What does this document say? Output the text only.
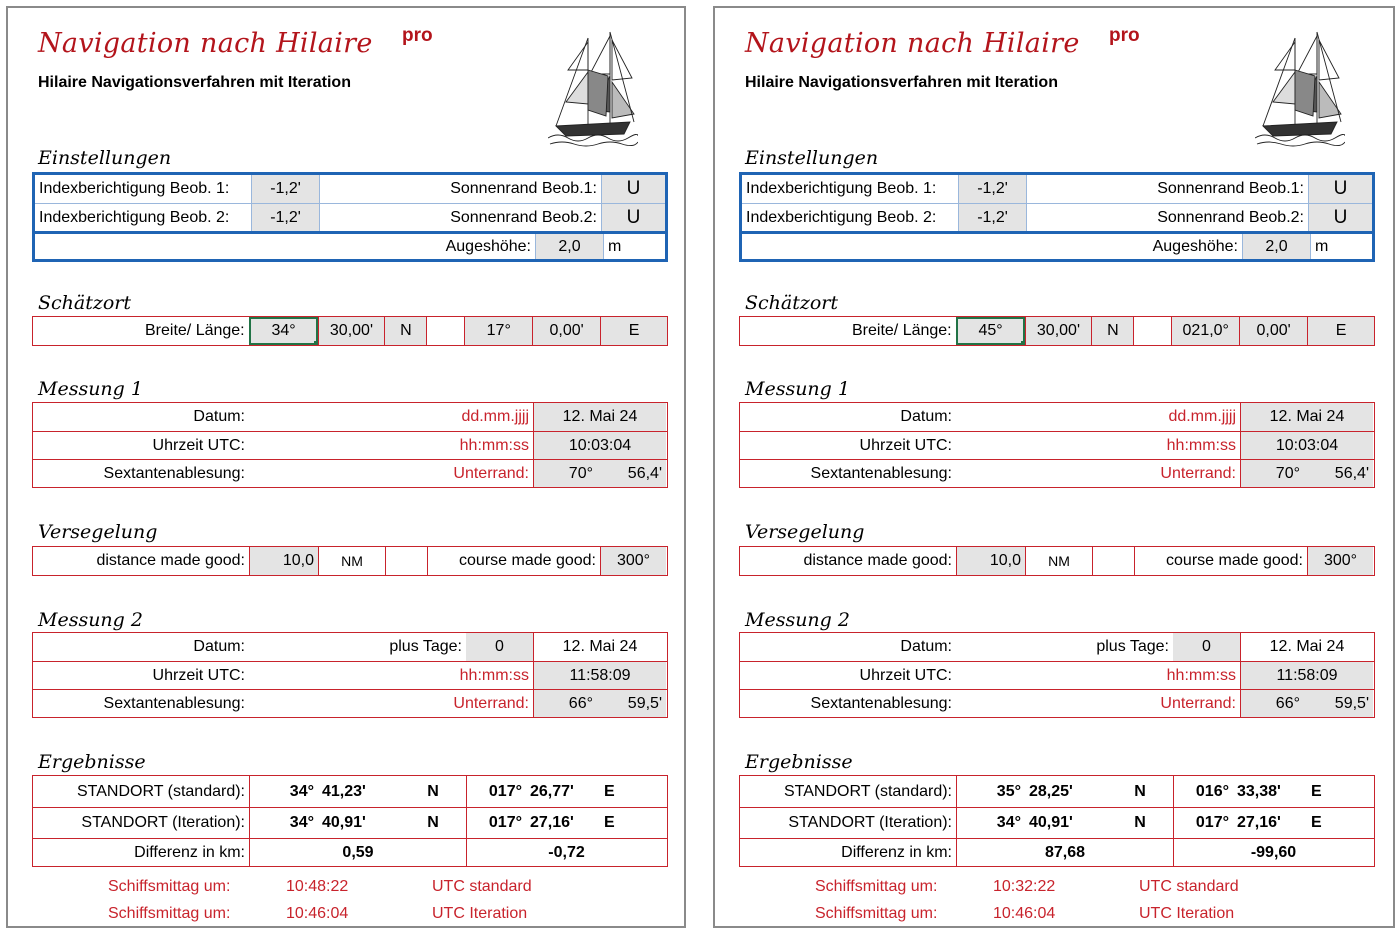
Navigation nach Hilaire pro
Hilaire Navigationsverfahren mit Iteration
Einstellungen
Indexberichtigung Beob. 1:	-1,2'	Sonnenrand Beob.1:	U
Indexberichtigung Beob. 2:	-1,2'	Sonnenrand Beob.2:	U
Augeshöhe:	2,0	m
Schätzort
Breite/ Länge:	34°	30,00'	N	17°	0,00'	E
Messung 1
Datum:	dd.mm.jjjj	12. Mai 24
Uhrzeit UTC:	hh:mm:ss	10:03:04
Sextantenablesung:	Unterrand:	70°	56,4'
Versegelung
distance made good:	10,0	NM	course made good:	300°
Messung 2
Datum:	plus Tage:	0	12. Mai 24
Uhrzeit UTC:	hh:mm:ss	11:58:09
Sextantenablesung:	Unterrand:	66°	59,5'
Ergebnisse
STANDORT (standard):	34° 41,23'	N	017° 26,77'	E
STANDORT (Iteration):	34° 40,91'	N	017° 27,16'	E
Differenz in km:	0,59	-0,72
Schiffsmittag um:	10:48:22	UTC standard
Schiffsmittag um:	10:46:04	UTC Iteration
Navigation nach Hilaire pro
Hilaire Navigationsverfahren mit Iteration
Einstellungen
Indexberichtigung Beob. 1:	-1,2'	Sonnenrand Beob.1:	U
Indexberichtigung Beob. 2:	-1,2'	Sonnenrand Beob.2:	U
Augeshöhe:	2,0	m
Schätzort
Breite/ Länge:	45°	30,00'	N	021,0°	0,00'	E
Messung 1
Datum:	dd.mm.jjjj	12. Mai 24
Uhrzeit UTC:	hh:mm:ss	10:03:04
Sextantenablesung:	Unterrand:	70°	56,4'
Versegelung
distance made good:	10,0	NM	course made good:	300°
Messung 2
Datum:	plus Tage:	0	12. Mai 24
Uhrzeit UTC:	hh:mm:ss	11:58:09
Sextantenablesung:	Unterrand:	66°	59,5'
Ergebnisse
STANDORT (standard):	35° 28,25'	N	016° 33,38'	E
STANDORT (Iteration):	34° 40,91'	N	017° 27,16'	E
Differenz in km:	87,68	-99,60
Schiffsmittag um:	10:32:22	UTC standard
Schiffsmittag um:	10:46:04	UTC Iteration
